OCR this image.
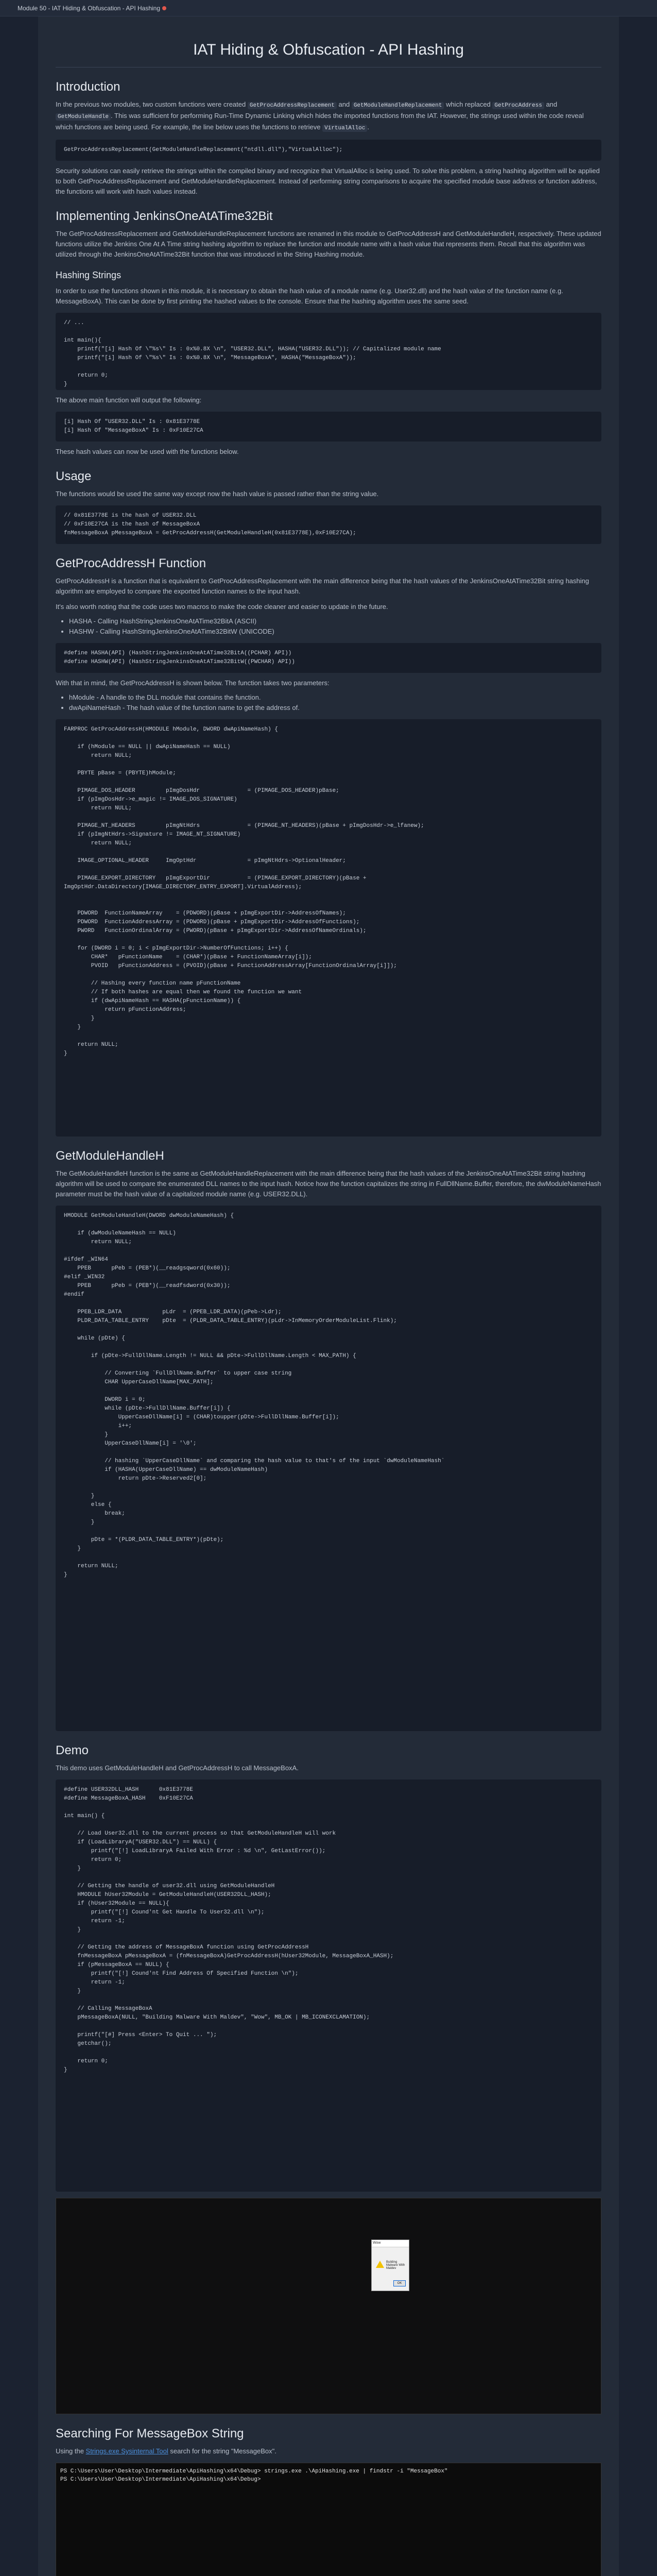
Module 50 - IAT Hiding & Obfuscation - API Hashing
IAT Hiding & Obfuscation - API Hashing
Introduction

In the previous two modules, two custom functions were created GetProcAddressReplacement and GetModuleHandleReplacement which replaced GetProcAddress and GetModuleHandle . This was sufficient for performing Run-Time Dynamic Linking which hides the imported functions from the IAT. However, the strings used within the code reveal which functions are being used. For example, the line below uses the functions to retrieve VirtualAlloc .

GetProcAddressReplacement(GetModuleHandleReplacement("ntdll.dll"),"VirtualAlloc");

Security solutions can easily retrieve the strings within the compiled binary and recognize that VirtualAlloc is being used. To solve this problem, a string hashing algorithm will be applied to both GetProcAddressReplacement and GetModuleHandleReplacement. Instead of performing string comparisons to acquire the specified module base address or function address, the functions will work with hash values instead.

Implementing JenkinsOneAtATime32Bit

The GetProcAddressReplacement and GetModuleHandleReplacement functions are renamed in this module to GetProcAddressH and GetModuleHandleH, respectively. These updated functions utilize the Jenkins One At A Time string hashing algorithm to replace the function and module name with a hash value that represents them. Recall that this algorithm was utilized through the JenkinsOneAtATime32Bit function that was introduced in the String Hashing module.

Hashing Strings

In order to use the functions shown in this module, it is necessary to obtain the hash value of a module name (e.g. User32.dll) and the hash value of the function name (e.g. MessageBoxA). This can be done by first printing the hashed values to the console. Ensure that the hashing algorithm uses the same seed.

// ...

int main(){
printf("[i] Hash Of \"%s\" Is : 0x%0.8X \n", "USER32.DLL", HASHA("USER32.DLL")); // Capitalized module name
printf("[i] Hash Of \"%s\" Is : 0x%0.8X \n", "MessageBoxA", HASHA("MessageBoxA"));

return 0;
}

The above main function will output the following:

[i] Hash Of "USER32.DLL" Is : 0x81E3778E
[i] Hash Of "MessageBoxA" Is : 0xF10E27CA

These hash values can now be used with the functions below.

Usage

The functions would be used the same way except now the hash value is passed rather than the string value.

// 0x81E3778E is the hash of USER32.DLL
// 0xF10E27CA is the hash of MessageBoxA
fnMessageBoxA pMessageBoxA = GetProcAddressH(GetModuleHandleH(0x81E3778E),0xF10E27CA);
GetProcAddressH Function

GetProcAddressH is a function that is equivalent to GetProcAddressReplacement with the main difference being that the hash values of the JenkinsOneAtATime32Bit string hashing algorithm are employed to compare the exported function names to the input hash.

It's also worth noting that the code uses two macros to make the code cleaner and easier to update in the future.

• HASHA - Calling HashStringJenkinsOneAtATime32BitA (ASCII)
• HASHW - Calling HashStringJenkinsOneAtATime32BitW (UNICODE)
#define HASHA(API) (HashStringJenkinsOneAtATime32BitA((PCHAR) API))
#define HASHW(API) (HashStringJenkinsOneAtATime32BitW((PWCHAR) API))

With that in mind, the GetProcAddressH is shown below. The function takes two parameters:

• hModule - A handle to the DLL module that contains the function.
• dwApiNameHash - The hash value of the function name to get the address of.
FARPROC GetProcAddressH(HMODULE hModule, DWORD dwApiNameHash) {

if (hModule == NULL || dwApiNameHash == NULL)
return NULL;

PBYTE pBase = (PBYTE)hModule;

PIMAGE_DOS_HEADER         pImgDosHdr              = (PIMAGE_DOS_HEADER)pBase;
if (pImgDosHdr->e_magic != IMAGE_DOS_SIGNATURE)
return NULL;

PIMAGE_NT_HEADERS         pImgNtHdrs              = (PIMAGE_NT_HEADERS)(pBase + pImgDosHdr->e_lfanew);
if (pImgNtHdrs->Signature != IMAGE_NT_SIGNATURE)
return NULL;

IMAGE_OPTIONAL_HEADER     ImgOptHdr               = pImgNtHdrs->OptionalHeader;

PIMAGE_EXPORT_DIRECTORY   pImgExportDir           = (PIMAGE_EXPORT_DIRECTORY)(pBase +
ImgOptHdr.DataDirectory[IMAGE_DIRECTORY_ENTRY_EXPORT].VirtualAddress);

PDWORD  FunctionNameArray    = (PDWORD)(pBase + pImgExportDir->AddressOfNames);
PDWORD  FunctionAddressArray = (PDWORD)(pBase + pImgExportDir->AddressOfFunctions);
PWORD   FunctionOrdinalArray = (PWORD)(pBase + pImgExportDir->AddressOfNameOrdinals);

for (DWORD i = 0; i < pImgExportDir->NumberOfFunctions; i++) {
CHAR*   pFunctionName    = (CHAR*)(pBase + FunctionNameArray[i]);
PVOID   pFunctionAddress = (PVOID)(pBase + FunctionAddressArray[FunctionOrdinalArray[i]]);

// Hashing every function name pFunctionName
// If both hashes are equal then we found the function we want
if (dwApiNameHash == HASHA(pFunctionName)) {
return pFunctionAddress;
}
}

return NULL;
}
GetModuleHandleH

The GetModuleHandleH function is the same as GetModuleHandleReplacement with the main difference being that the hash values of the JenkinsOneAtATime32Bit string hashing algorithm will be used to compare the enumerated DLL names to the input hash. Notice how the function capitalizes the string in FullDllName.Buffer, therefore, the dwModuleNameHash parameter must be the hash value of a capitalized module name (e.g. USER32.DLL).

HMODULE GetModuleHandleH(DWORD dwModuleNameHash) {

if (dwModuleNameHash == NULL)
return NULL;

#ifdef _WIN64
PPEB      pPeb = (PEB*)(__readgsqword(0x60));
#elif _WIN32
PPEB      pPeb = (PEB*)(__readfsdword(0x30));
#endif

PPEB_LDR_DATA            pLdr  = (PPEB_LDR_DATA)(pPeb->Ldr);
PLDR_DATA_TABLE_ENTRY    pDte  = (PLDR_DATA_TABLE_ENTRY)(pLdr->InMemoryOrderModuleList.Flink);

while (pDte) {

if (pDte->FullDllName.Length != NULL && pDte->FullDllName.Length < MAX_PATH) {

// Converting `FullDllName.Buffer` to upper case string
CHAR UpperCaseDllName[MAX_PATH];

DWORD i = 0;
while (pDte->FullDllName.Buffer[i]) {
UpperCaseDllName[i] = (CHAR)toupper(pDte->FullDllName.Buffer[i]);
i++;
}
UpperCaseDllName[i] = '\0';

// hashing `UpperCaseDllName` and comparing the hash value to that's of the input `dwModuleNameHash`
if (HASHA(UpperCaseDllName) == dwModuleNameHash)
return pDte->Reserved2[0];

}
else {
break;
}

pDte = *(PLDR_DATA_TABLE_ENTRY*)(pDte);
}

return NULL;
}
Demo

This demo uses GetModuleHandleH and GetProcAddressH to call MessageBoxA.

#define USER32DLL_HASH      0x81E3778E
#define MessageBoxA_HASH    0xF10E27CA

int main() {

// Load User32.dll to the current process so that GetModuleHandleH will work
if (LoadLibraryA("USER32.DLL") == NULL) {
printf("[!] LoadLibraryA Failed With Error : %d \n", GetLastError());
return 0;
}

// Getting the handle of user32.dll using GetModuleHandleH
HMODULE hUser32Module = GetModuleHandleH(USER32DLL_HASH);
if (hUser32Module == NULL){
printf("[!] Cound'nt Get Handle To User32.dll \n");
return -1;
}

// Getting the address of MessageBoxA function using GetProcAddressH
fnMessageBoxA pMessageBoxA = (fnMessageBoxA)GetProcAddressH(hUser32Module, MessageBoxA_HASH);
if (pMessageBoxA == NULL) {
printf("[!] Cound'nt Find Address Of Specified Function \n");
return -1;
}

// Calling MessageBoxA
pMessageBoxA(NULL, "Building Malware With Maldev", "Wow", MB_OK | MB_ICONEXCLAMATION);

printf("[#] Press <Enter> To Quit ... ");
getchar();

return 0;
}
Wow
Building Malware With Maldev
OK
Searching For MessageBox String

Using the Strings.exe Sysinternal Tool search for the string "MessageBox".

PS C:\Users\User\Desktop\Intermediate\ApiHashing\x64\Debug> strings.exe .\ApiHashing.exe | findstr -i "MessageBox"
PS C:\Users\User\Desktop\Intermediate\ApiHashing\x64\Debug>
